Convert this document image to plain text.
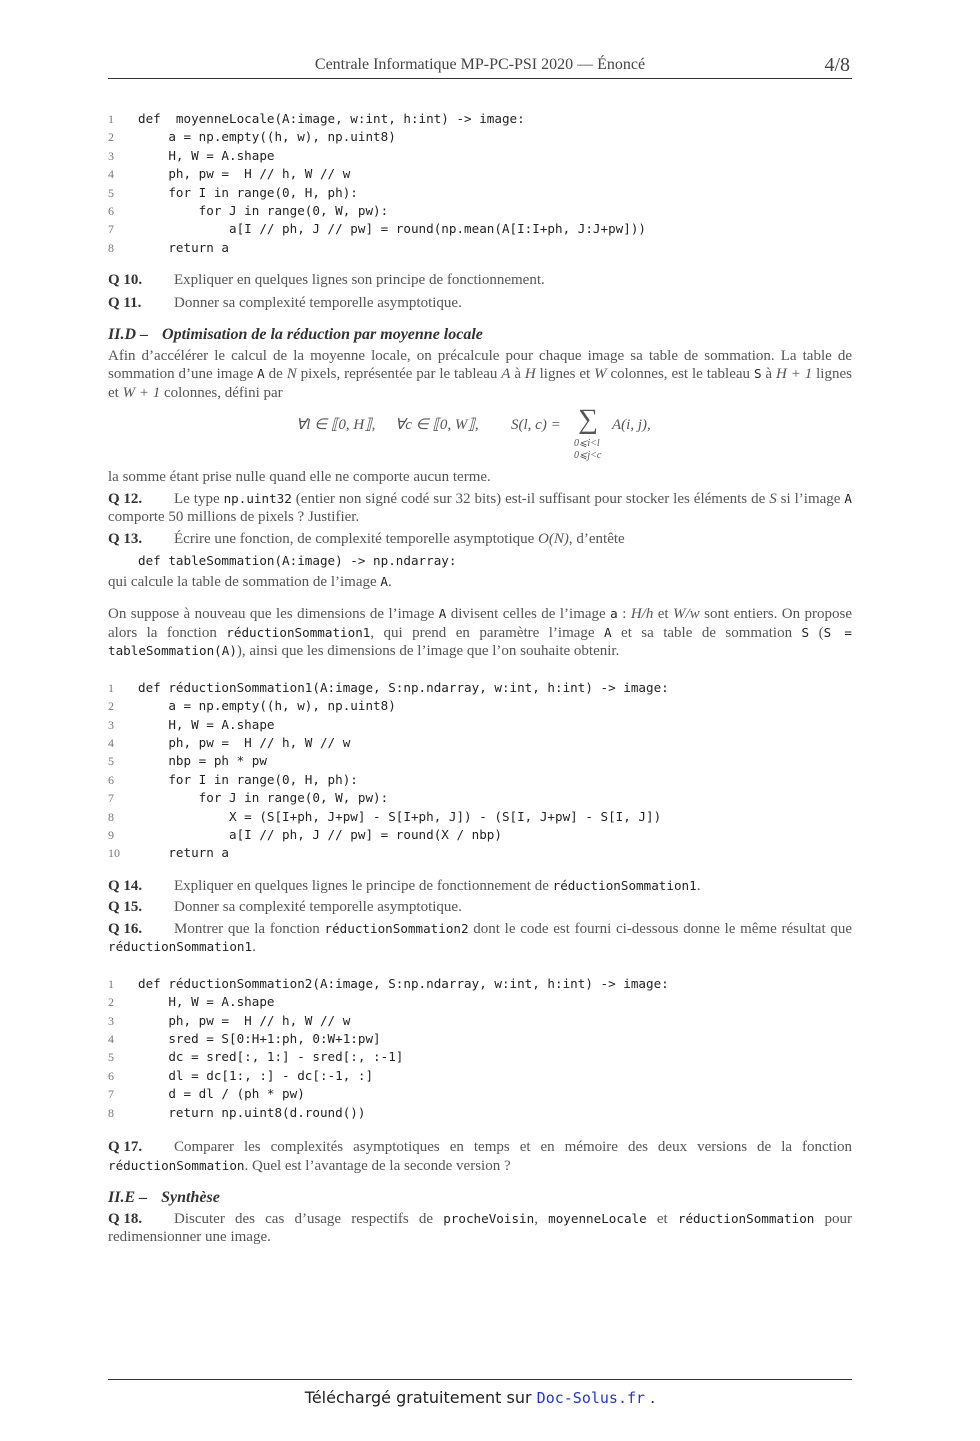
Centrale Informatique MP-PC-PSI 2020 — Énoncé	4/8
1 def  moyenneLocale(A:image, w:int, h:int) -> image:
2    a = np.empty((h, w), np.uint8)
3    H, W = A.shape
4    ph, pw =  H // h, W // w
5    for I in range(0, H, ph):
6        for J in range(0, W, pw):
7            a[I // ph, J // pw] = round(np.mean(A[I:I+ph, J:J+pw]))
8    return a

Q 10. Expliquer en quelques lignes son principe de fonctionnement.

Q 11. Donner sa complexité temporelle asymptotique.

II.D – Optimisation de la réduction par moyenne locale

Afin d’accélérer le calcul de la moyenne locale, on précalcule pour chaque image sa table de sommation. La table de sommation d’une image A de N pixels, représentée par le tableau A à H lignes et W colonnes, est le tableau S à H + 1 lignes et W + 1 colonnes, défini par

∀l ∈ ⟦0, H⟧, ∀c ∈ ⟦0, W⟧, S(l, c) = ∑
0⩽i<l
0⩽j<c
A(i, j),

la somme étant prise nulle quand elle ne comporte aucun terme.

Q 12. Le type np.uint32 (entier non signé codé sur 32 bits) est-il suffisant pour stocker les éléments de S si l’image A comporte 50 millions de pixels ? Justifier.

Q 13. Écrire une fonction, de complexité temporelle asymptotique O(N), d’entête

def tableSommation(A:image) -> np.ndarray:

qui calcule la table de sommation de l’image A.

On suppose à nouveau que les dimensions de l’image A divisent celles de l’image a : H/h et W/w sont entiers. On propose alors la fonction réductionSommation1, qui prend en paramètre l’image A et sa table de sommation S (S = tableSommation(A)), ainsi que les dimensions de l’image que l’on souhaite obtenir.

1 def réductionSommation1(A:image, S:np.ndarray, w:int, h:int) -> image:
2    a = np.empty((h, w), np.uint8)
3    H, W = A.shape
4    ph, pw =  H // h, W // w
5    nbp = ph * pw
6    for I in range(0, H, ph):
7        for J in range(0, W, pw):
8            X = (S[I+ph, J+pw] - S[I+ph, J]) - (S[I, J+pw] - S[I, J])
9            a[I // ph, J // pw] = round(X / nbp)
10    return a

Q 14. Expliquer en quelques lignes le principe de fonctionnement de réductionSommation1.

Q 15. Donner sa complexité temporelle asymptotique.

Q 16. Montrer que la fonction réductionSommation2 dont le code est fourni ci-dessous donne le même résultat que réductionSommation1.

1 def réductionSommation2(A:image, S:np.ndarray, w:int, h:int) -> image:
2    H, W = A.shape
3    ph, pw =  H // h, W // w
4    sred = S[0:H+1:ph, 0:W+1:pw]
5    dc = sred[:, 1:] - sred[:, :-1]
6    dl = dc[1:, :] - dc[:-1, :]
7    d = dl / (ph * pw)
8    return np.uint8(d.round())

Q 17. Comparer les complexités asymptotiques en temps et en mémoire des deux versions de la fonction réductionSommation. Quel est l’avantage de la seconde version ?

II.E – Synthèse

Q 18. Discuter des cas d’usage respectifs de procheVoisin, moyenneLocale et réductionSommation pour redimensionner une image.

Téléchargé gratuitement sur Doc-Solus.fr .
